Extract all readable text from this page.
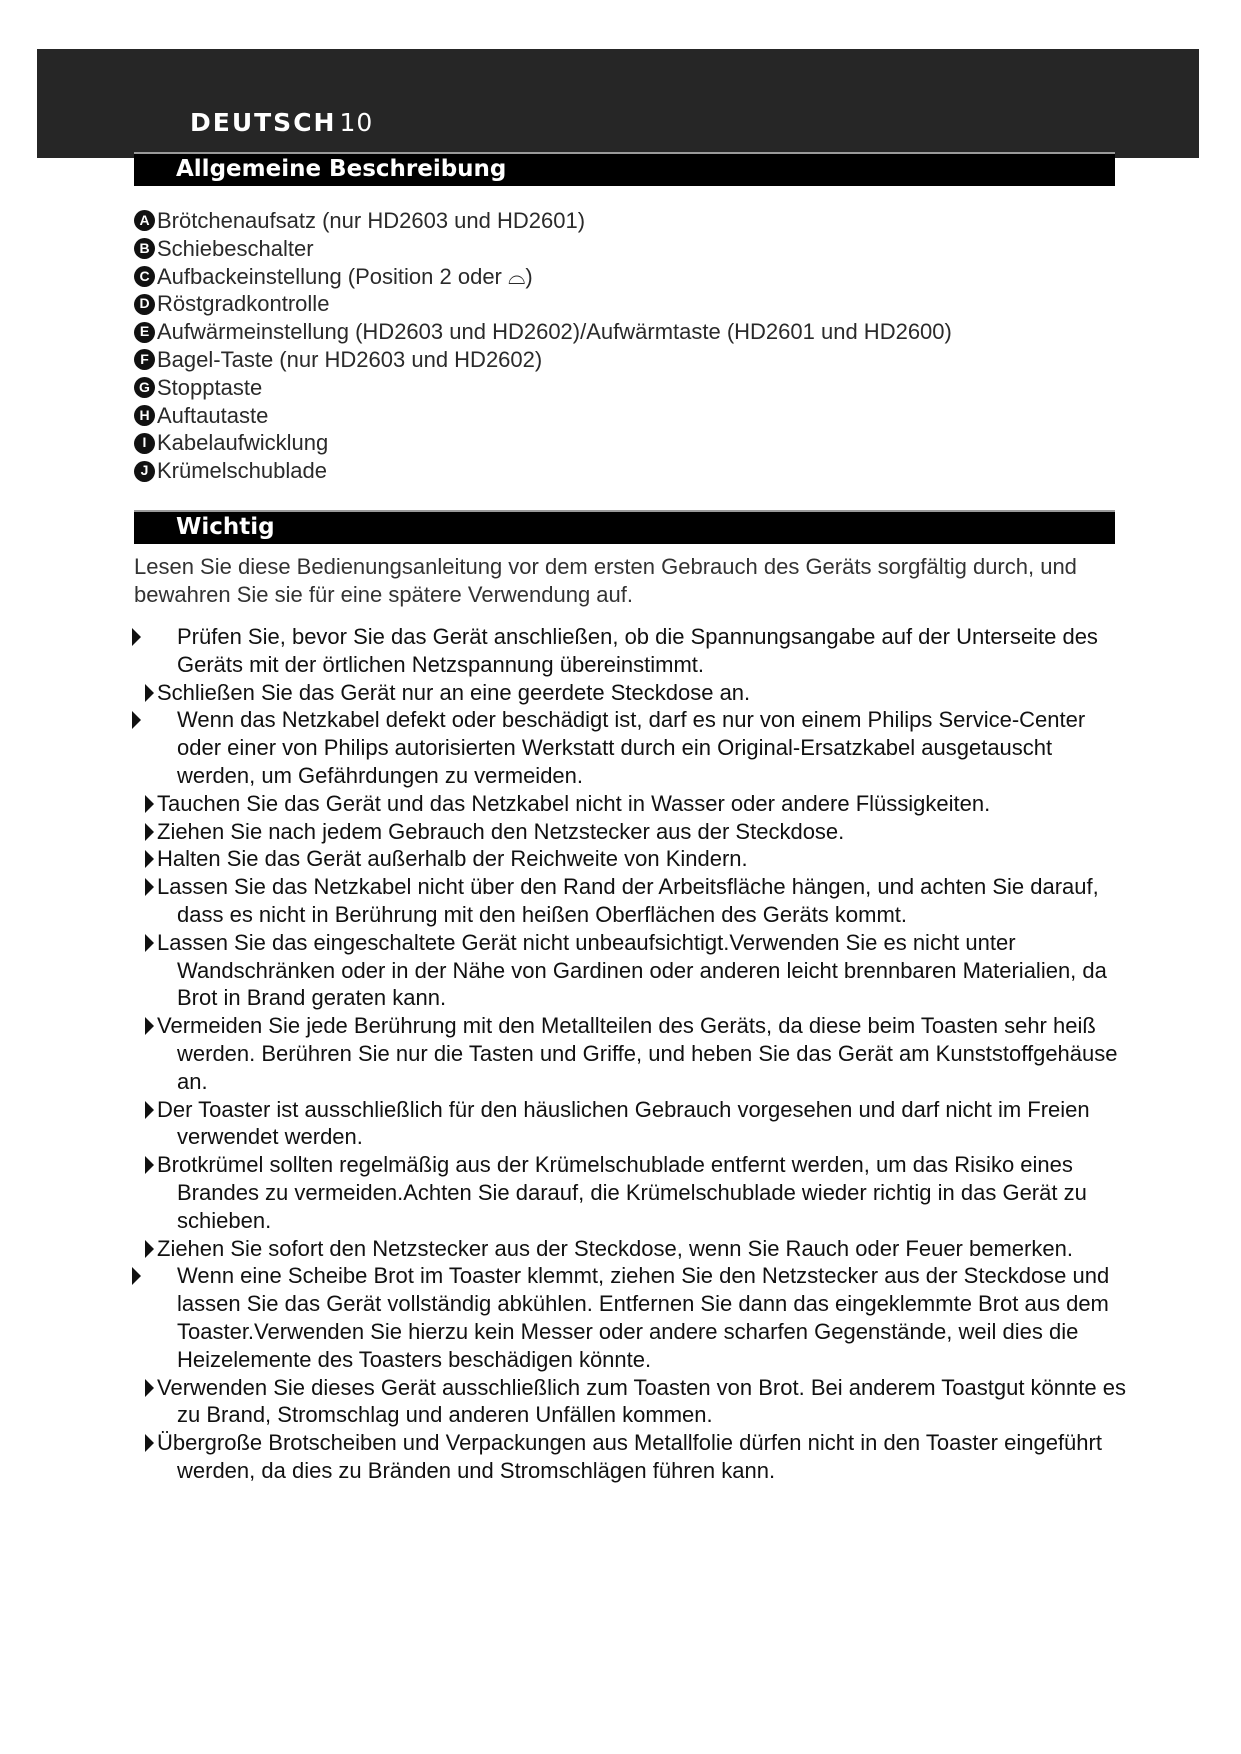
DEUTSCH 10
Allgemeine Beschreibung
A Brötchenaufsatz (nur HD2603 und HD2601)
B Schiebeschalter
C Aufbackeinstellung (Position 2 oder ⌓)
D Röstgradkontrolle
E Aufwärmeinstellung (HD2603 und HD2602)/Aufwärmtaste (HD2601 und HD2600)
F Bagel-Taste (nur HD2603 und HD2602)
G Stopptaste
H Auftautaste
I Kabelaufwicklung
J Krümelschublade
Wichtig

Lesen Sie diese Bedienungsanleitung vor dem ersten Gebrauch des Geräts sorgfältig durch, und bewahren Sie sie für eine spätere Verwendung auf.

Prüfen Sie, bevor Sie das Gerät anschließen, ob die Spannungsangabe auf der Unterseite des Geräts mit der örtlichen Netzspannung übereinstimmt.
Schließen Sie das Gerät nur an eine geerdete Steckdose an.
Wenn das Netzkabel defekt oder beschädigt ist, darf es nur von einem Philips Service-Center oder einer von Philips autorisierten Werkstatt durch ein Original-Ersatzkabel ausgetauscht werden, um Gefährdungen zu vermeiden.
Tauchen Sie das Gerät und das Netzkabel nicht in Wasser oder andere Flüssigkeiten.
Ziehen Sie nach jedem Gebrauch den Netzstecker aus der Steckdose.
Halten Sie das Gerät außerhalb der Reichweite von Kindern.
Lassen Sie das Netzkabel nicht über den Rand der Arbeitsfläche hängen, und achten Sie darauf, dass es nicht in Berührung mit den heißen Oberflächen des Geräts kommt.
Lassen Sie das eingeschaltete Gerät nicht unbeaufsichtigt.Verwenden Sie es nicht unter Wandschränken oder in der Nähe von Gardinen oder anderen leicht brennbaren Materialien, da Brot in Brand geraten kann.
Vermeiden Sie jede Berührung mit den Metallteilen des Geräts, da diese beim Toasten sehr heiß werden. Berühren Sie nur die Tasten und Griffe, und heben Sie das Gerät am Kunststoffgehäuse an.
Der Toaster ist ausschließlich für den häuslichen Gebrauch vorgesehen und darf nicht im Freien verwendet werden.
Brotkrümel sollten regelmäßig aus der Krümelschublade entfernt werden, um das Risiko eines Brandes zu vermeiden.Achten Sie darauf, die Krümelschublade wieder richtig in das Gerät zu schieben.
Ziehen Sie sofort den Netzstecker aus der Steckdose, wenn Sie Rauch oder Feuer bemerken.
Wenn eine Scheibe Brot im Toaster klemmt, ziehen Sie den Netzstecker aus der Steckdose und lassen Sie das Gerät vollständig abkühlen. Entfernen Sie dann das eingeklemmte Brot aus dem Toaster.Verwenden Sie hierzu kein Messer oder andere scharfen Gegenstände, weil dies die Heizelemente des Toasters beschädigen könnte.
Verwenden Sie dieses Gerät ausschließlich zum Toasten von Brot. Bei anderem Toastgut könnte es zu Brand, Stromschlag und anderen Unfällen kommen.
Übergroße Brotscheiben und Verpackungen aus Metallfolie dürfen nicht in den Toaster eingeführt werden, da dies zu Bränden und Stromschlägen führen kann.
